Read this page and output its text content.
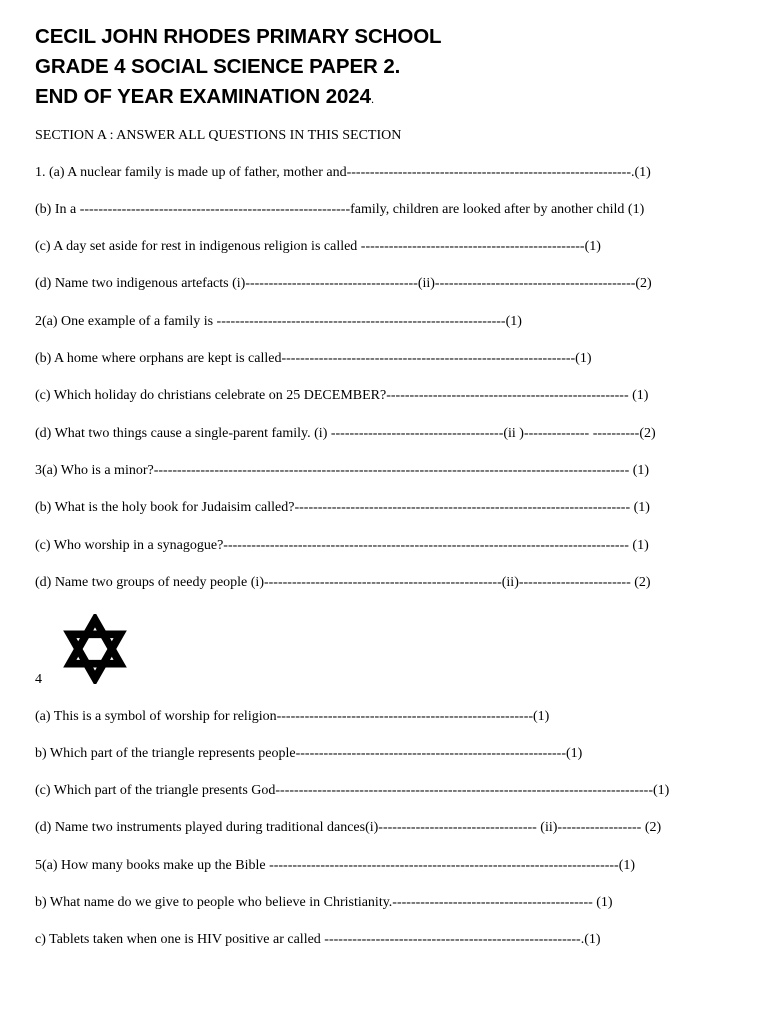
CECIL JOHN RHODES PRIMARY SCHOOL
GRADE 4 SOCIAL SCIENCE PAPER 2.
END OF YEAR EXAMINATION 2024.
SECTION A : ANSWER ALL QUESTIONS IN THIS SECTION
1. (a) A nuclear family is made up of father, mother and-------------------------------------------------------------.(1)
(b) In a ----------------------------------------------------------family, children are looked after by another child (1)
(c) A day set aside for rest in indigenous religion is called ------------------------------------------------(1)
(d) Name two indigenous artefacts (i)-------------------------------------(ii)-------------------------------------------(2)
2(a) One example of a family is --------------------------------------------------------------(1)
(b) A home where orphans are kept is called---------------------------------------------------------------(1)
(c) Which holiday do christians celebrate on 25 DECEMBER?---------------------------------------------------- (1)
(d) What two things cause a single-parent family. (i) -------------------------------------(ii )-------------- ----------(2)
3(a) Who is a minor?------------------------------------------------------------------------------------------------------ (1)
(b) What is the holy book for Judaisim called?------------------------------------------------------------------------ (1)
(c) Who worship in a synagogue?--------------------------------------------------------------------------------------- (1)
(d) Name two groups of needy people (i)---------------------------------------------------(ii)------------------------ (2)
4
(a) This is a symbol of worship for religion-------------------------------------------------------(1)
b) Which part of the triangle represents people----------------------------------------------------------(1)
(c) Which part of the triangle presents God---------------------------------------------------------------------------------(1)
(d) Name two instruments played during traditional dances(i)---------------------------------- (ii)------------------ (2)
5(a) How many books make up the Bible ---------------------------------------------------------------------------(1)
b) What name do we give to people who believe in Christianity.------------------------------------------- (1)
c) Tablets taken when one is HIV positive ar called -------------------------------------------------------.(1)
